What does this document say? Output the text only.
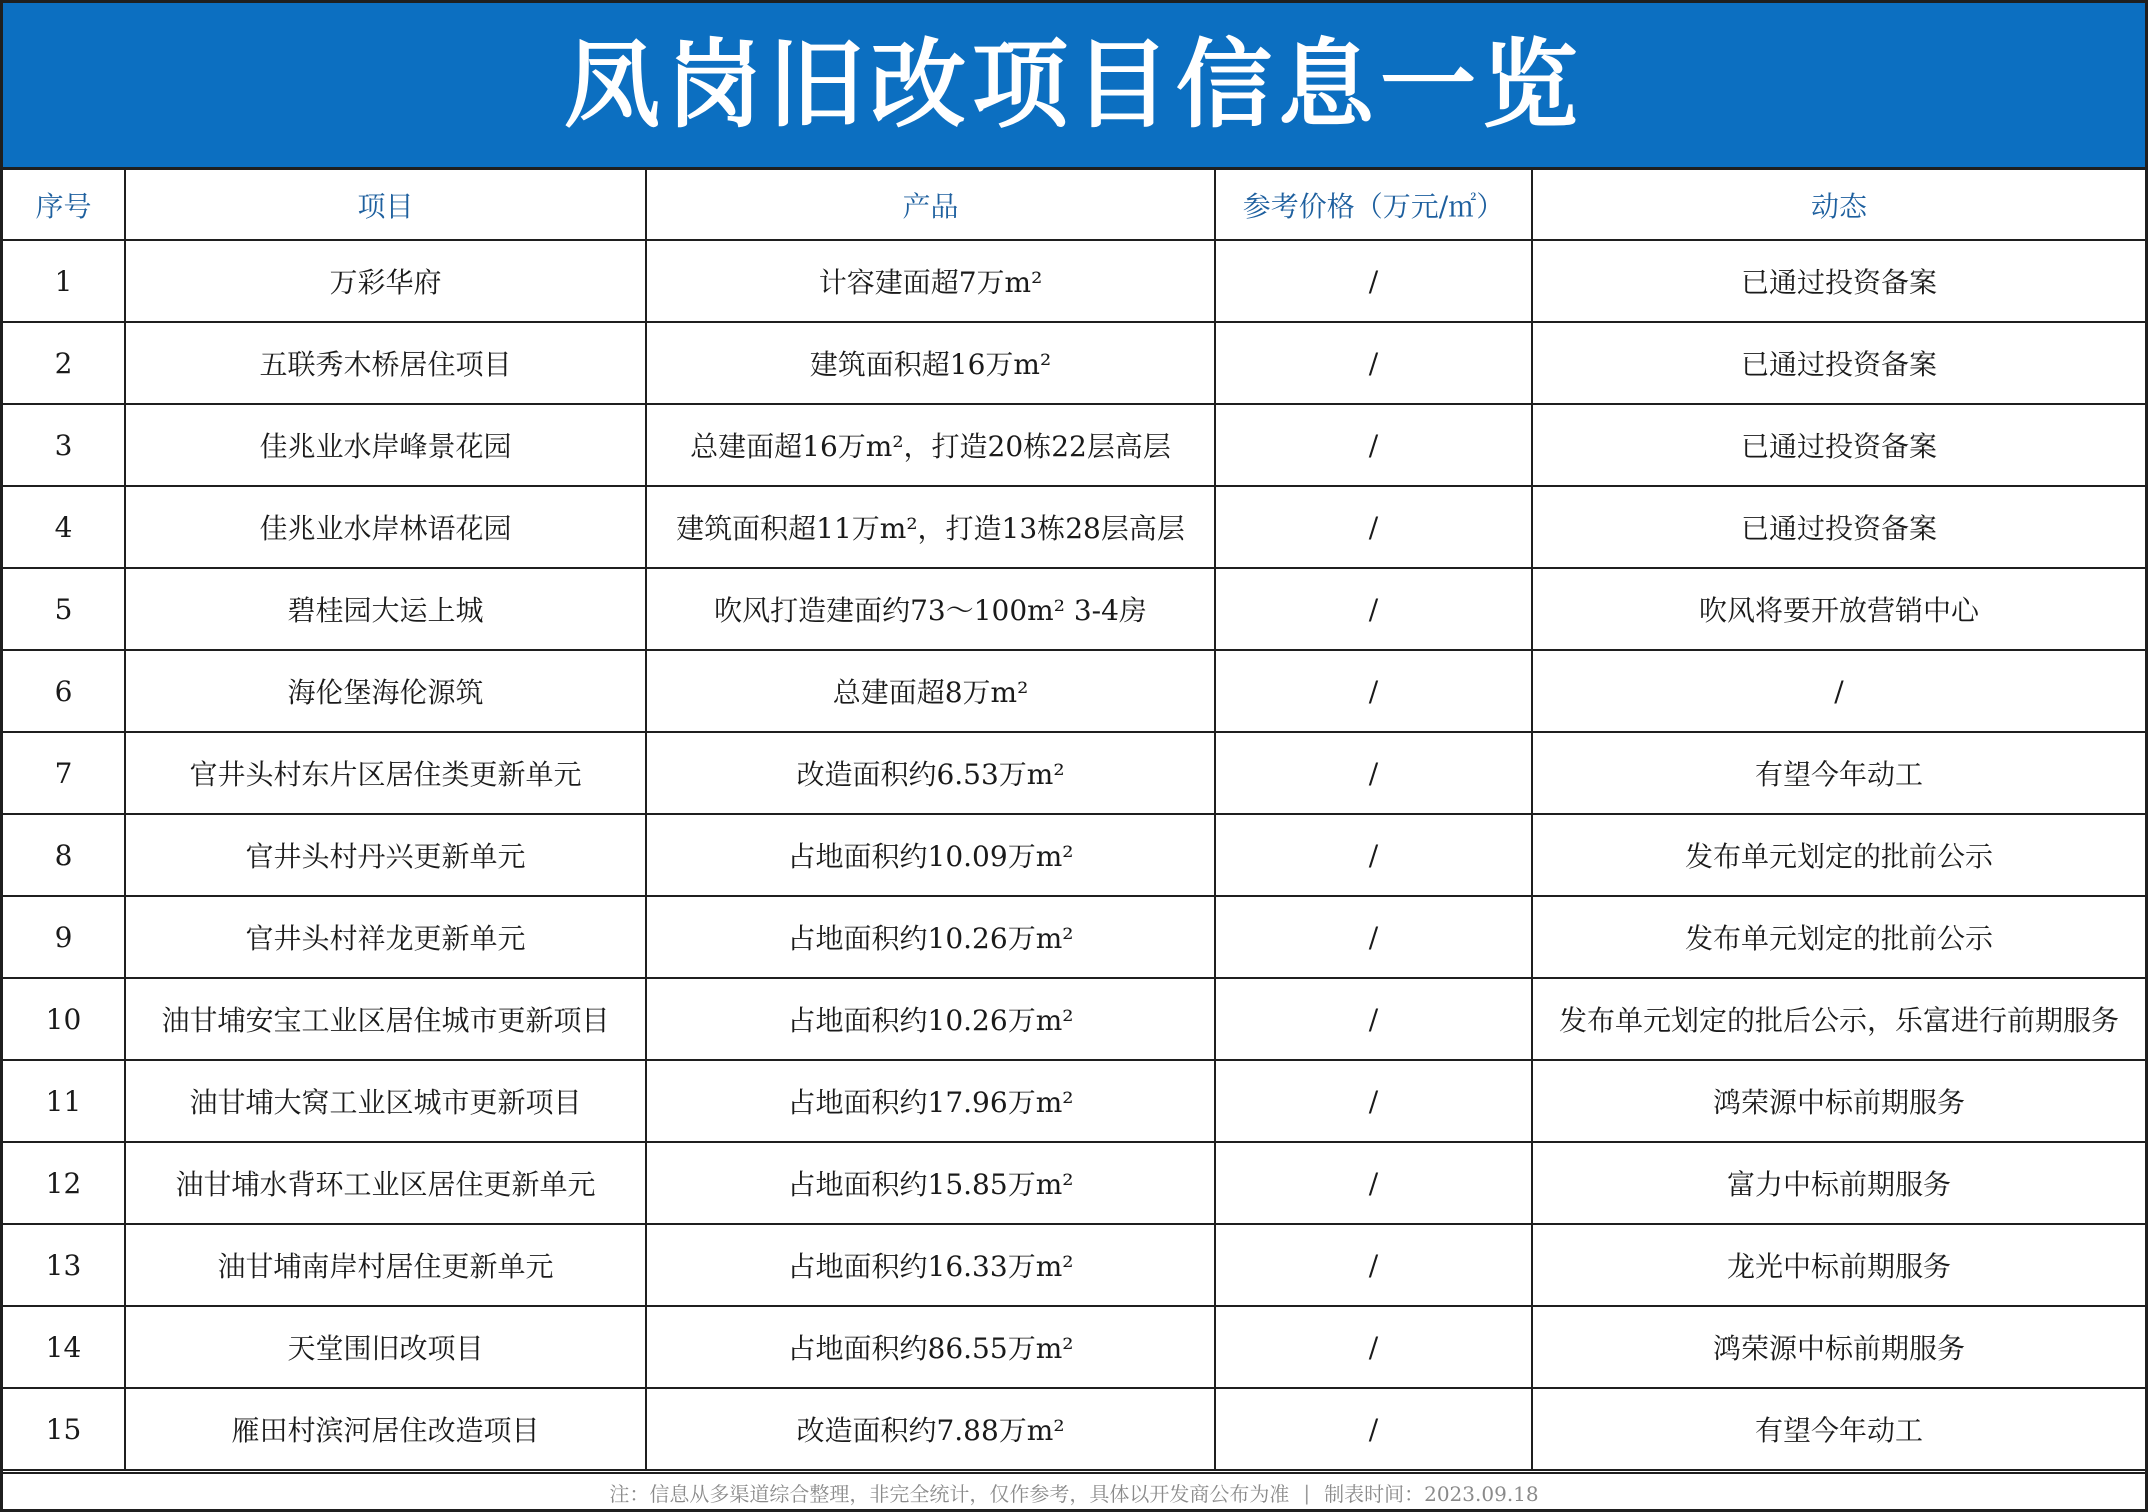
凤岗旧改项目信息一览
序号	项目	产品	参考价格（万元/㎡）	动态
1	万彩华府	计容建面超7万m²	/	已通过投资备案
2	五联秀木桥居住项目	建筑面积超16万m²	/	已通过投资备案
3	佳兆业水岸峰景花园	总建面超16万m²，打造20栋22层高层	/	已通过投资备案
4	佳兆业水岸林语花园	建筑面积超11万m²，打造13栋28层高层	/	已通过投资备案
5	碧桂园大运上城	吹风打造建面约73～100m² 3-4房	/	吹风将要开放营销中心
6	海伦堡海伦源筑	总建面超8万m²	/	/
7	官井头村东片区居住类更新单元	改造面积约6.53万m²	/	有望今年动工
8	官井头村丹兴更新单元	占地面积约10.09万m²	/	发布单元划定的批前公示
9	官井头村祥龙更新单元	占地面积约10.26万m²	/	发布单元划定的批前公示
10	油甘埔安宝工业区居住城市更新项目	占地面积约10.26万m²	/	发布单元划定的批后公示，乐富进行前期服务
11	油甘埔大窝工业区城市更新项目	占地面积约17.96万m²	/	鸿荣源中标前期服务
12	油甘埔水背环工业区居住更新单元	占地面积约15.85万m²	/	富力中标前期服务
13	油甘埔南岸村居住更新单元	占地面积约16.33万m²	/	龙光中标前期服务
14	天堂围旧改项目	占地面积约86.55万m²	/	鸿荣源中标前期服务
15	雁田村滨河居住改造项目	改造面积约7.88万m²	/	有望今年动工
注：信息从多渠道综合整理，非完全统计，仅作参考，具体以开发商公布为准 | 制表时间：2023.09.18
